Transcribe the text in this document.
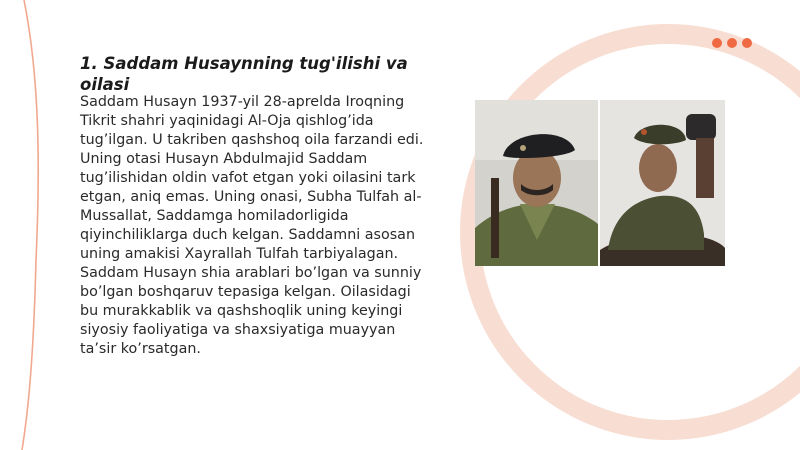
1. Saddam Husaynning tug'ilishi va oilasi

Saddam Husayn 1937-yil 28-aprelda Iroqning Tikrit shahri yaqinidagi Al-Oja qishlog’ida tug’ilgan. U takriben qashshoq oila farzandi edi. Uning otasi Husayn Abdulmajid Saddam tug’ilishidan oldin vafot etgan yoki oilasini tark etgan, aniq emas. Uning onasi, Subha Tulfah al-Mussallat, Saddamga homiladorligida qiyinchiliklarga duch kelgan. Saddamni asosan uning amakisi Xayrallah Tulfah tarbiyalagan. Saddam Husayn shia arablari bo’lgan va sunniy bo’lgan boshqaruv tepasiga kelgan. Oilasidagi bu murakkablik va qashshoqlik uning keyingi siyosiy faoliyatiga va shaxsiyatiga muayyan ta’sir ko’rsatgan.
